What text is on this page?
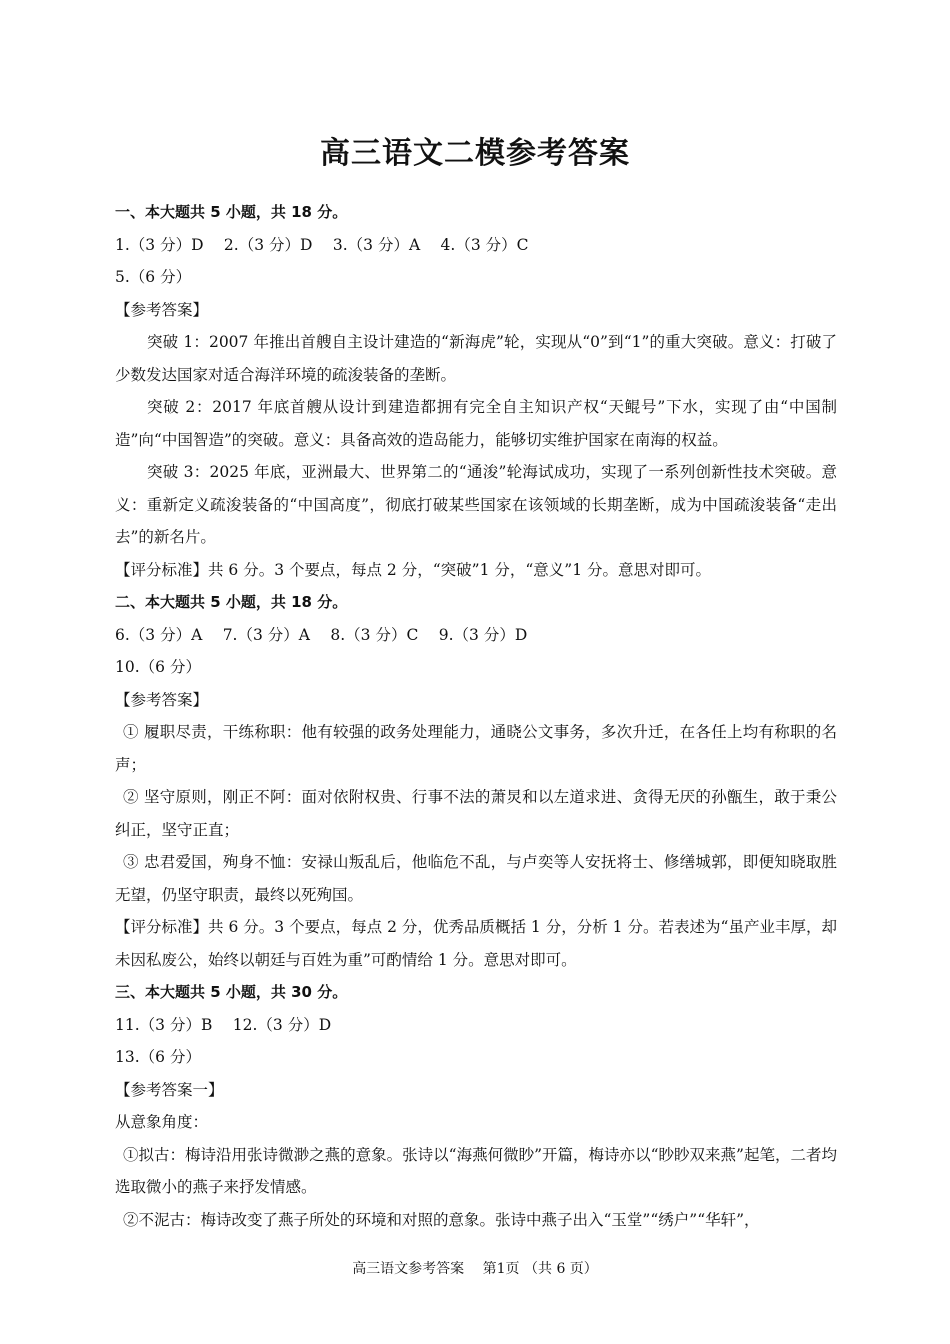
高三语文二模参考答案
一、本大题共 5 小题，共 18 分。
1.（3 分）D　 2.（3 分）D　 3.（3 分）A　 4.（3 分）C
5.（6 分）
【参考答案】
突破 1：2007 年推出首艘自主设计建造的“新海虎”轮，实现从“0”到“1”的重大突破。意义：打破了少数发达国家对适合海洋环境的疏浚装备的垄断。
突破 2：2017 年底首艘从设计到建造都拥有完全自主知识产权“天鲲号”下水，实现了由“中国制造”向“中国智造”的突破。意义：具备高效的造岛能力，能够切实维护国家在南海的权益。
突破 3：2025 年底，亚洲最大、世界第二的“通浚”轮海试成功，实现了一系列创新性技术突破。意义：重新定义疏浚装备的“中国高度”，彻底打破某些国家在该领域的长期垄断，成为中国疏浚装备“走出去”的新名片。
【评分标准】共 6 分。3 个要点，每点 2 分，“突破”1 分，“意义”1 分。意思对即可。
二、本大题共 5 小题，共 18 分。
6.（3 分）A　 7.（3 分）A　 8.（3 分）C　 9.（3 分）D
10.（6 分）
【参考答案】
① 履职尽责，干练称职：他有较强的政务处理能力，通晓公文事务，多次升迁，在各任上均有称职的名声；
② 坚守原则，刚正不阿：面对依附权贵、行事不法的萧炅和以左道求进、贪得无厌的孙甑生，敢于秉公纠正，坚守正直；
③ 忠君爱国，殉身不恤：安禄山叛乱后，他临危不乱，与卢奕等人安抚将士、修缮城郭，即便知晓取胜无望，仍坚守职责，最终以死殉国。
【评分标准】共 6 分。3 个要点，每点 2 分，优秀品质概括 1 分，分析 1 分。若表述为“虽产业丰厚，却未因私废公，始终以朝廷与百姓为重”可酌情给 1 分。意思对即可。
三、本大题共 5 小题，共 30 分。
11.（3 分）B　 12.（3 分）D
13.（6 分）
【参考答案一】
从意象角度：
①拟古：梅诗沿用张诗微渺之燕的意象。张诗以“海燕何微眇”开篇，梅诗亦以“眇眇双来燕”起笔，二者均选取微小的燕子来抒发情感。
②不泥古：梅诗改变了燕子所处的环境和对照的意象。张诗中燕子出入“玉堂”“绣户”“华轩”，
高三语文参考答案　 第1页 （共 6 页）
